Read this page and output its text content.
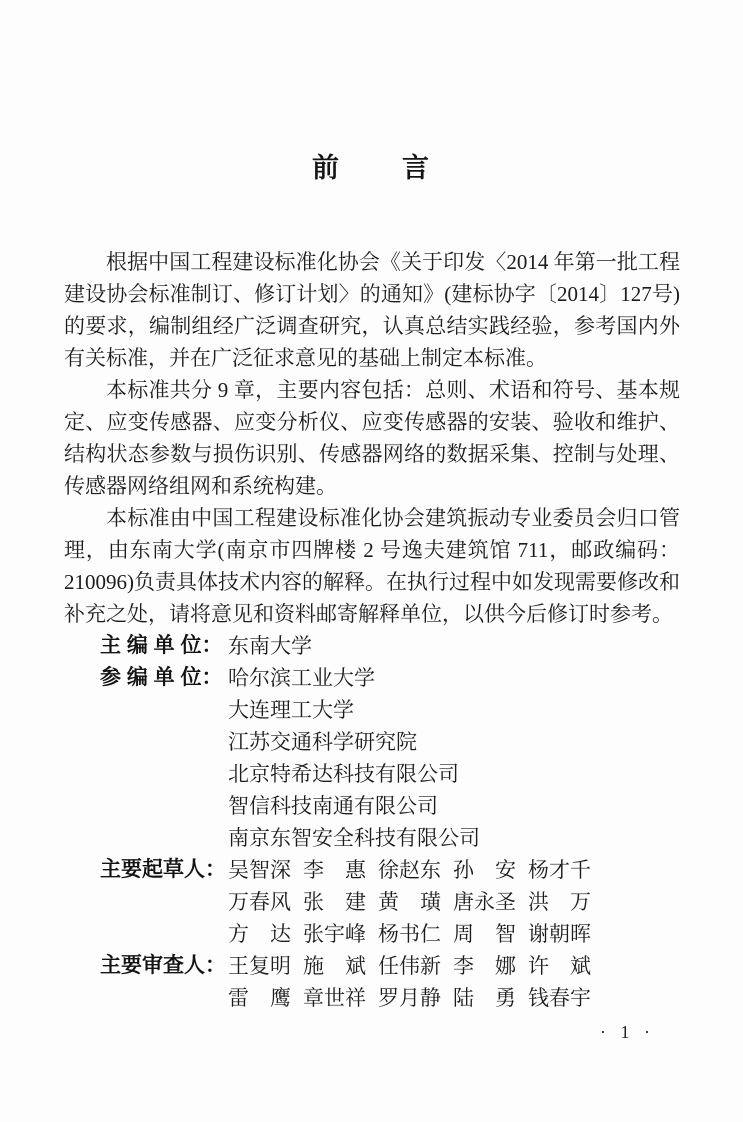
前　　言

根据中国工程建设标准化协会《关于印发〈2014 年第一批工程建设协会标准制订、修订计划〉的通知》(建标协字〔2014〕127号)的要求，编制组经广泛调查研究，认真总结实践经验，参考国内外有关标准，并在广泛征求意见的基础上制定本标准。

本标准共分 9 章，主要内容包括：总则、术语和符号、基本规定、应变传感器、应变分析仪、应变传感器的安装、验收和维护、结构状态参数与损伤识别、传感器网络的数据采集、控制与处理、传感器网络组网和系统构建。

本标准由中国工程建设标准化协会建筑振动专业委员会归口管理，由东南大学(南京市四牌楼 2 号逸夫建筑馆 711，邮政编码：210096)负责具体技术内容的解释。在执行过程中如发现需要修改和补充之处，请将意见和资料邮寄解释单位，以供今后修订时参考。

主 编 单 位： 东南大学
参 编 单 位： 哈尔滨工业大学
大连理工大学
江苏交通科学研究院
北京特希达科技有限公司
智信科技南通有限公司
南京东智安全科技有限公司
主要起草人： 吴智深 李　惠 徐赵东 孙　安 杨才千
万春风 张　建 黄　璜 唐永圣 洪　万
方　达 张宇峰 杨书仁 周　智 谢朝晖
主要审查人： 王复明 施　斌 任伟新 李　娜 许　斌
雷　鹰 章世祥 罗月静 陆　勇 钱春宇
· 1 ·
